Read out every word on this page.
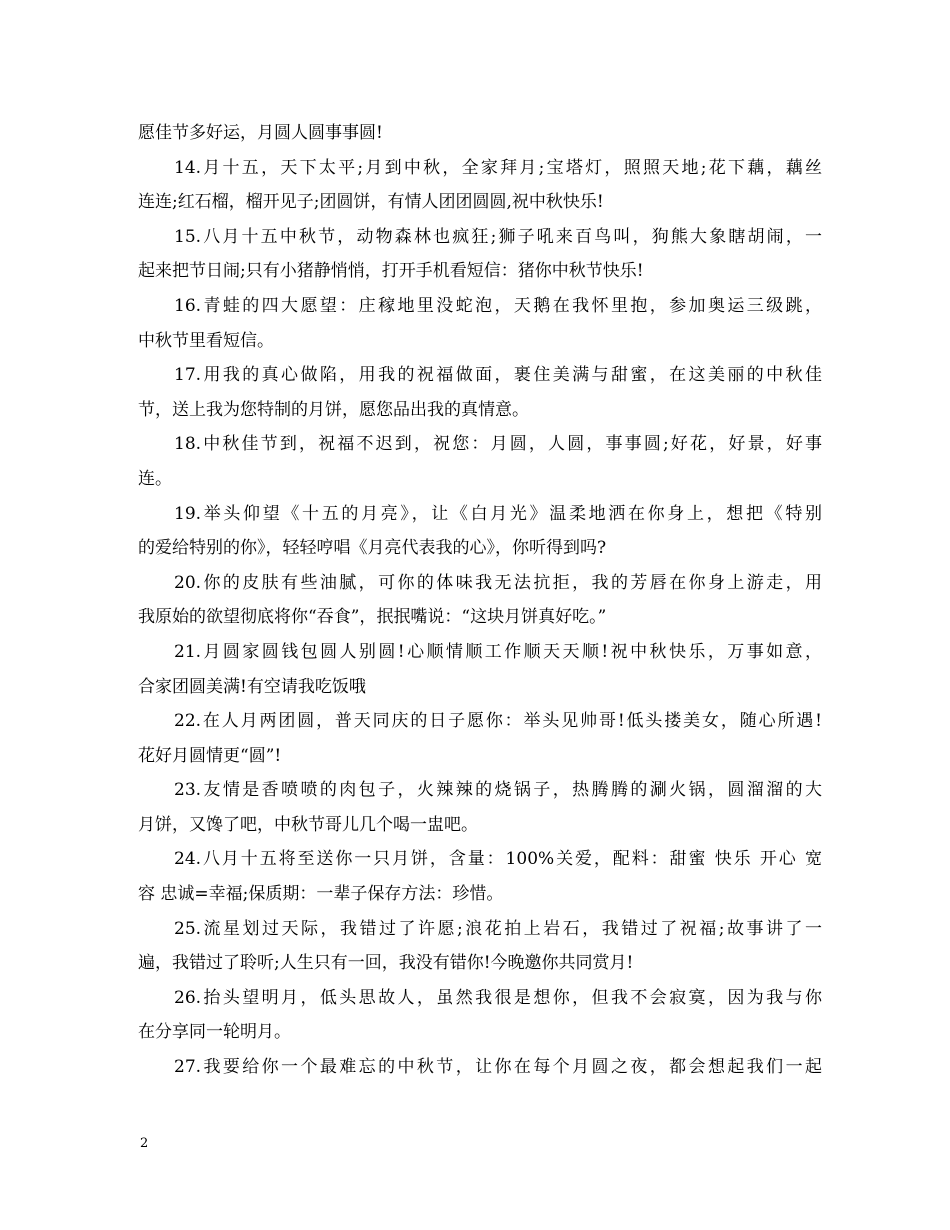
愿佳节多好运，月圆人圆事事圆!
14.月十五，天下太平;月到中秋，全家拜月;宝塔灯，照照天地;花下藕，藕丝
连连;红石榴，榴开见子;团圆饼，有情人团团圆圆,祝中秋快乐!
15.八月十五中秋节，动物森林也疯狂;狮子吼来百鸟叫，狗熊大象瞎胡闹，一
起来把节日闹;只有小猪静悄悄，打开手机看短信：猪你中秋节快乐!
16.青蛙的四大愿望：庄稼地里没蛇泡，天鹅在我怀里抱，参加奥运三级跳，
中秋节里看短信。
17.用我的真心做陷，用我的祝福做面，裹住美满与甜蜜，在这美丽的中秋佳
节，送上我为您特制的月饼，愿您品出我的真情意。
18.中秋佳节到，祝福不迟到，祝您：月圆，人圆，事事圆;好花，好景，好事
连。
19.举头仰望《十五的月亮》，让《白月光》温柔地洒在你身上，想把《特别
的爱给特别的你》，轻轻哼唱《月亮代表我的心》，你听得到吗?
20.你的皮肤有些油腻，可你的体味我无法抗拒，我的芳唇在你身上游走，用
我原始的欲望彻底将你“吞食”，抿抿嘴说：“这块月饼真好吃。”
21.月圆家圆钱包圆人别圆!心顺情顺工作顺天天顺!祝中秋快乐，万事如意，
合家团圆美满!有空请我吃饭哦
22.在人月两团圆，普天同庆的日子愿你：举头见帅哥!低头搂美女，随心所遇!
花好月圆情更“圆”!
23.友情是香喷喷的肉包子，火辣辣的烧锅子，热腾腾的涮火锅，圆溜溜的大
月饼，又馋了吧，中秋节哥儿几个喝一盅吧。
24.八月十五将至送你一只月饼，含量：100%关爱，配料：甜蜜 快乐 开心 宽
容 忠诚=幸福;保质期：一辈子保存方法：珍惜。
25.流星划过天际，我错过了许愿;浪花拍上岩石，我错过了祝福;故事讲了一
遍，我错过了聆听;人生只有一回，我没有错你!今晚邀你共同赏月!
26.抬头望明月，低头思故人，虽然我很是想你，但我不会寂寞，因为我与你
在分享同一轮明月。
27.我要给你一个最难忘的中秋节，让你在每个月圆之夜，都会想起我们一起
2
